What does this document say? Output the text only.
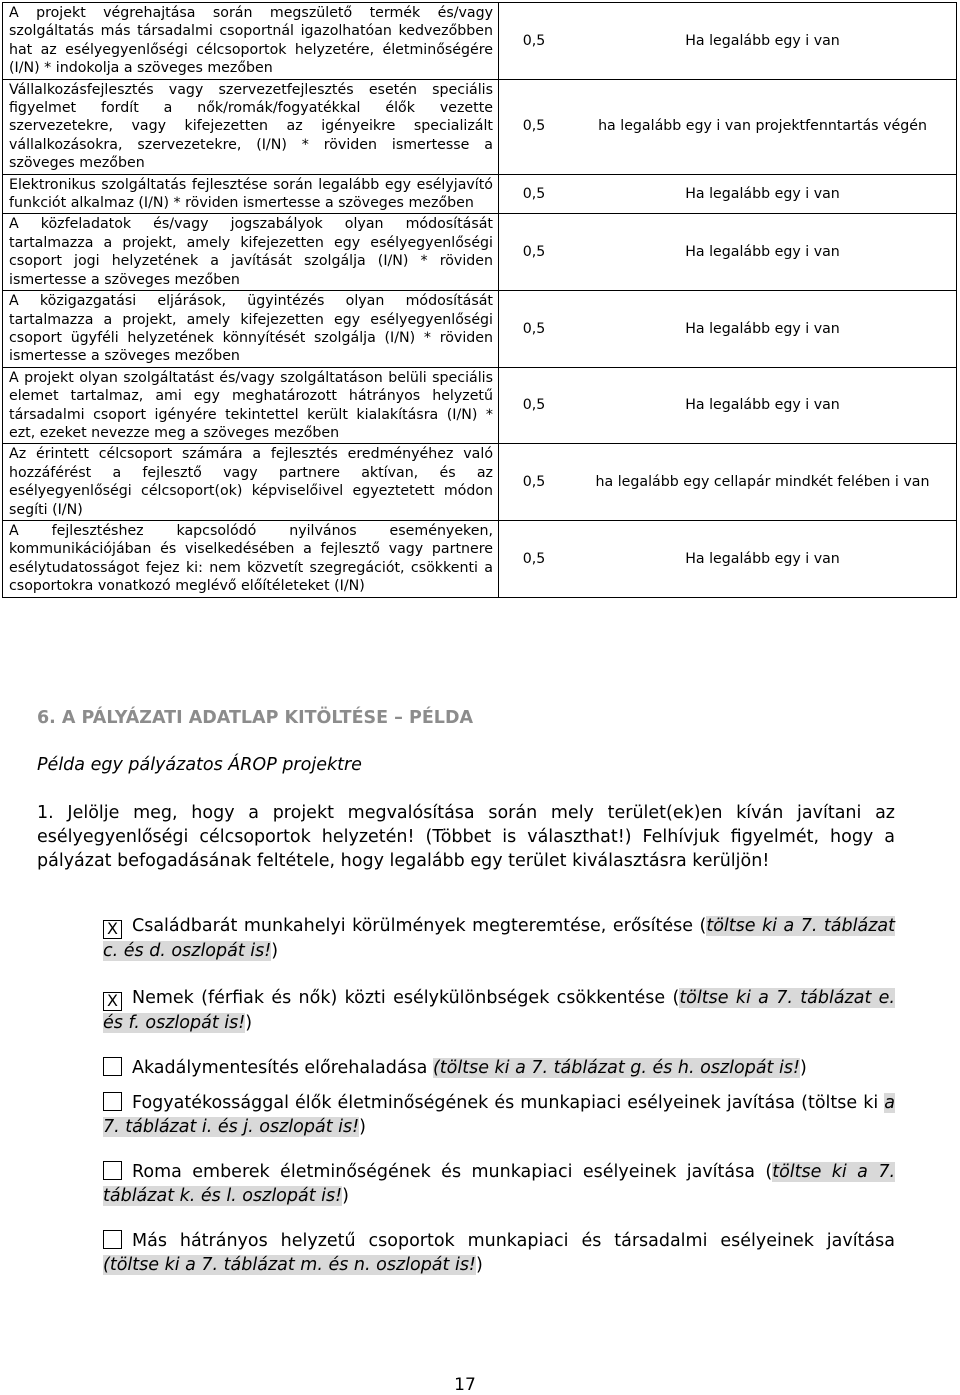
A projekt végrehajtása során megszülető termék és/vagy szolgáltatás más társadalmi csoportnál igazolhatóan kedvezőbben hat az esélyegyenlőségi célcsoportok helyzetére, életminőségére (I/N) * indokolja a szöveges mezőben	0,5	Ha legalább egy i van
Vállalkozásfejlesztés vagy szervezetfejlesztés esetén speciális figyelmet fordít a nők/romák/fogyatékkal élők vezette szervezetekre, vagy kifejezetten az igényeikre specializált vállalkozásokra, szervezetekre, (I/N) * röviden ismertesse a szöveges mezőben	0,5	ha legalább egy i van projektfenntartás végén
Elektronikus szolgáltatás fejlesztése során legalább egy esélyjavító funkciót alkalmaz (I/N) * röviden ismertesse a szöveges mezőben	0,5	Ha legalább egy i van
A közfeladatok és/vagy jogszabályok olyan módosítását tartalmazza a projekt, amely kifejezetten egy esélyegyenlőségi csoport jogi helyzetének a javítását szolgálja (I/N) * röviden ismertesse a szöveges mezőben	0,5	Ha legalább egy i van
A közigazgatási eljárások, ügyintézés olyan módosítását tartalmazza a projekt, amely kifejezetten egy esélyegyenlőségi csoport ügyféli helyzetének könnyítését szolgálja (I/N) * röviden ismertesse a szöveges mezőben	0,5	Ha legalább egy i van
A projekt olyan szolgáltatást és/vagy szolgáltatáson belüli speciális elemet tartalmaz, ami egy meghatározott hátrányos helyzetű társadalmi csoport igényére tekintettel került kialakításra (I/N) * ezt, ezeket nevezze meg a szöveges mezőben	0,5	Ha legalább egy i van
Az érintett célcsoport számára a fejlesztés eredményéhez való hozzáférést a fejlesztő vagy partnere aktívan, és az esélyegyenlőségi célcsoport(ok) képviselőivel egyeztetett módon segíti (I/N)	0,5	ha legalább egy cellapár mindkét felében i van
A fejlesztéshez kapcsolódó nyilvános eseményeken, kommunikációjában és viselkedésében a fejlesztő vagy partnere esélytudatosságot fejez ki: nem közvetít szegregációt, csökkenti a csoportokra vonatkozó meglévő előítéleteket (I/N)	0,5	Ha legalább egy i van
6. A PÁLYÁZATI ADATLAP KITÖLTÉSE – PÉLDA
Példa egy pályázatos ÁROP projektre
1. Jelölje meg, hogy a projekt megvalósítása során mely terület(ek)en kíván javítani az esélyegyenlőségi célcsoportok helyzetén! (Többet is választhat!) Felhívjuk figyelmét, hogy a pályázat befogadásának feltétele, hogy legalább egy terület kiválasztásra kerüljön!
X Családbarát munkahelyi körülmények megteremtése, erősítése (töltse ki a 7. táblázat c. és d. oszlopát is!)
X Nemek (férfiak és nők) közti esélykülönbségek csökkentése (töltse ki a 7. táblázat e. és f. oszlopát is!)
Akadálymentesítés előrehaladása (töltse ki a 7. táblázat g. és h. oszlopát is!)
Fogyatékossággal élők életminőségének és munkapiaci esélyeinek javítása (töltse ki a 7. táblázat i. és j. oszlopát is!)
Roma emberek életminőségének és munkapiaci esélyeinek javítása (töltse ki a 7. táblázat k. és l. oszlopát is!)
Más hátrányos helyzetű csoportok munkapiaci és társadalmi esélyeinek javítása (töltse ki a 7. táblázat m. és n. oszlopát is!)
17
